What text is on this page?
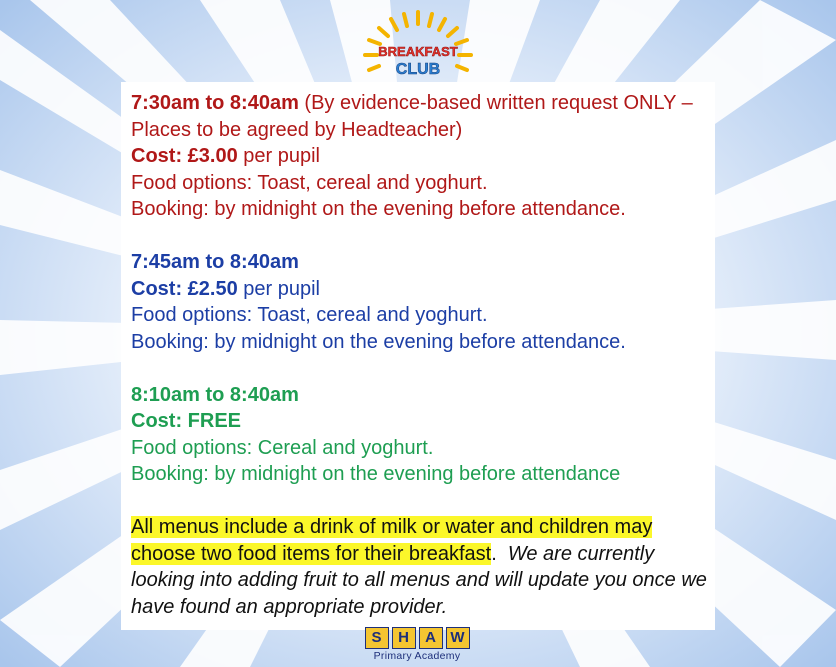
BREAKFAST
CLUB

7:30am to 8:40am (By evidence-based written request ONLY – Places to be agreed by Headteacher)

Cost: £3.00 per pupil

Food options: Toast, cereal and yoghurt.

Booking: by midnight on the evening before attendance.

7:45am to 8:40am

Cost: £2.50 per pupil

Food options: Toast, cereal and yoghurt.

Booking: by midnight on the evening before attendance.

8:10am to 8:40am

Cost: FREE

Food options: Cereal and yoghurt.

Booking: by midnight on the evening before attendance

All menus include a drink of milk or water and children may choose two food items for their breakfast.  We are currently looking into adding fruit to all menus and will update you once we have found an appropriate provider.

S	H	A W
Primary Academy
